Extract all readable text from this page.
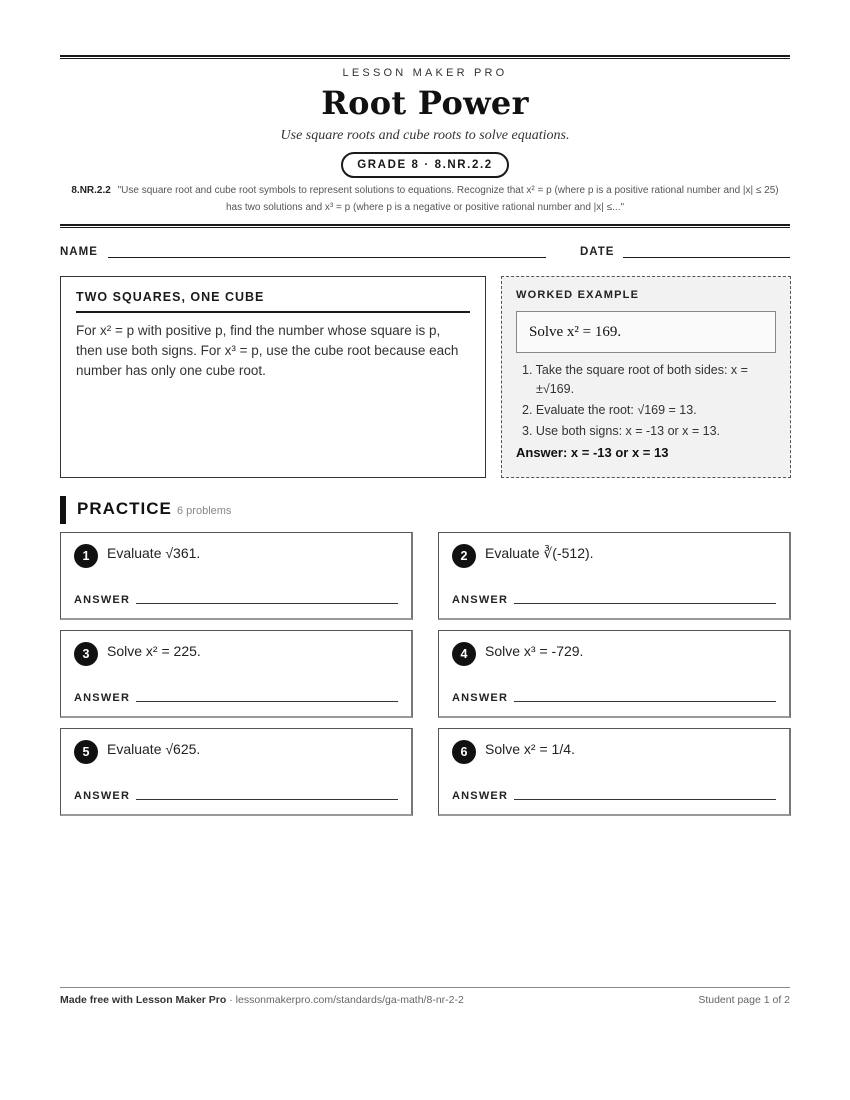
LESSON MAKER PRO
Root Power
Use square roots and cube roots to solve equations.
GRADE 8 · 8.NR.2.2
8.NR.2.2 "Use square root and cube root symbols to represent solutions to equations. Recognize that x² = p (where p is a positive rational number and |x| ≤ 25) has two solutions and x³ = p (where p is a negative or positive rational number and |x| ≤..."
NAME	DATE
TWO SQUARES, ONE CUBE
For x² = p with positive p, find the number whose square is p, then use both signs. For x³ = p, use the cube root because each number has only one cube root.
WORKED EXAMPLE
Solve x² = 169.
1. Take the square root of both sides: x = ±√169.
2. Evaluate the root: √169 = 13.
3. Use both signs: x = -13 or x = 13.
Answer: x = -13 or x = 13
PRACTICE 6 problems
1	Evaluate √361.
ANSWER
2	Evaluate ∛(-512).
ANSWER
3	Solve x² = 225.
ANSWER
4	Solve x³ = -729.
ANSWER
5	Evaluate √625.
ANSWER
6	Solve x² = 1/4.
ANSWER
Made free with Lesson Maker Pro · lessonmakerpro.com/standards/ga-math/8-nr-2-2	Student page 1 of 2
